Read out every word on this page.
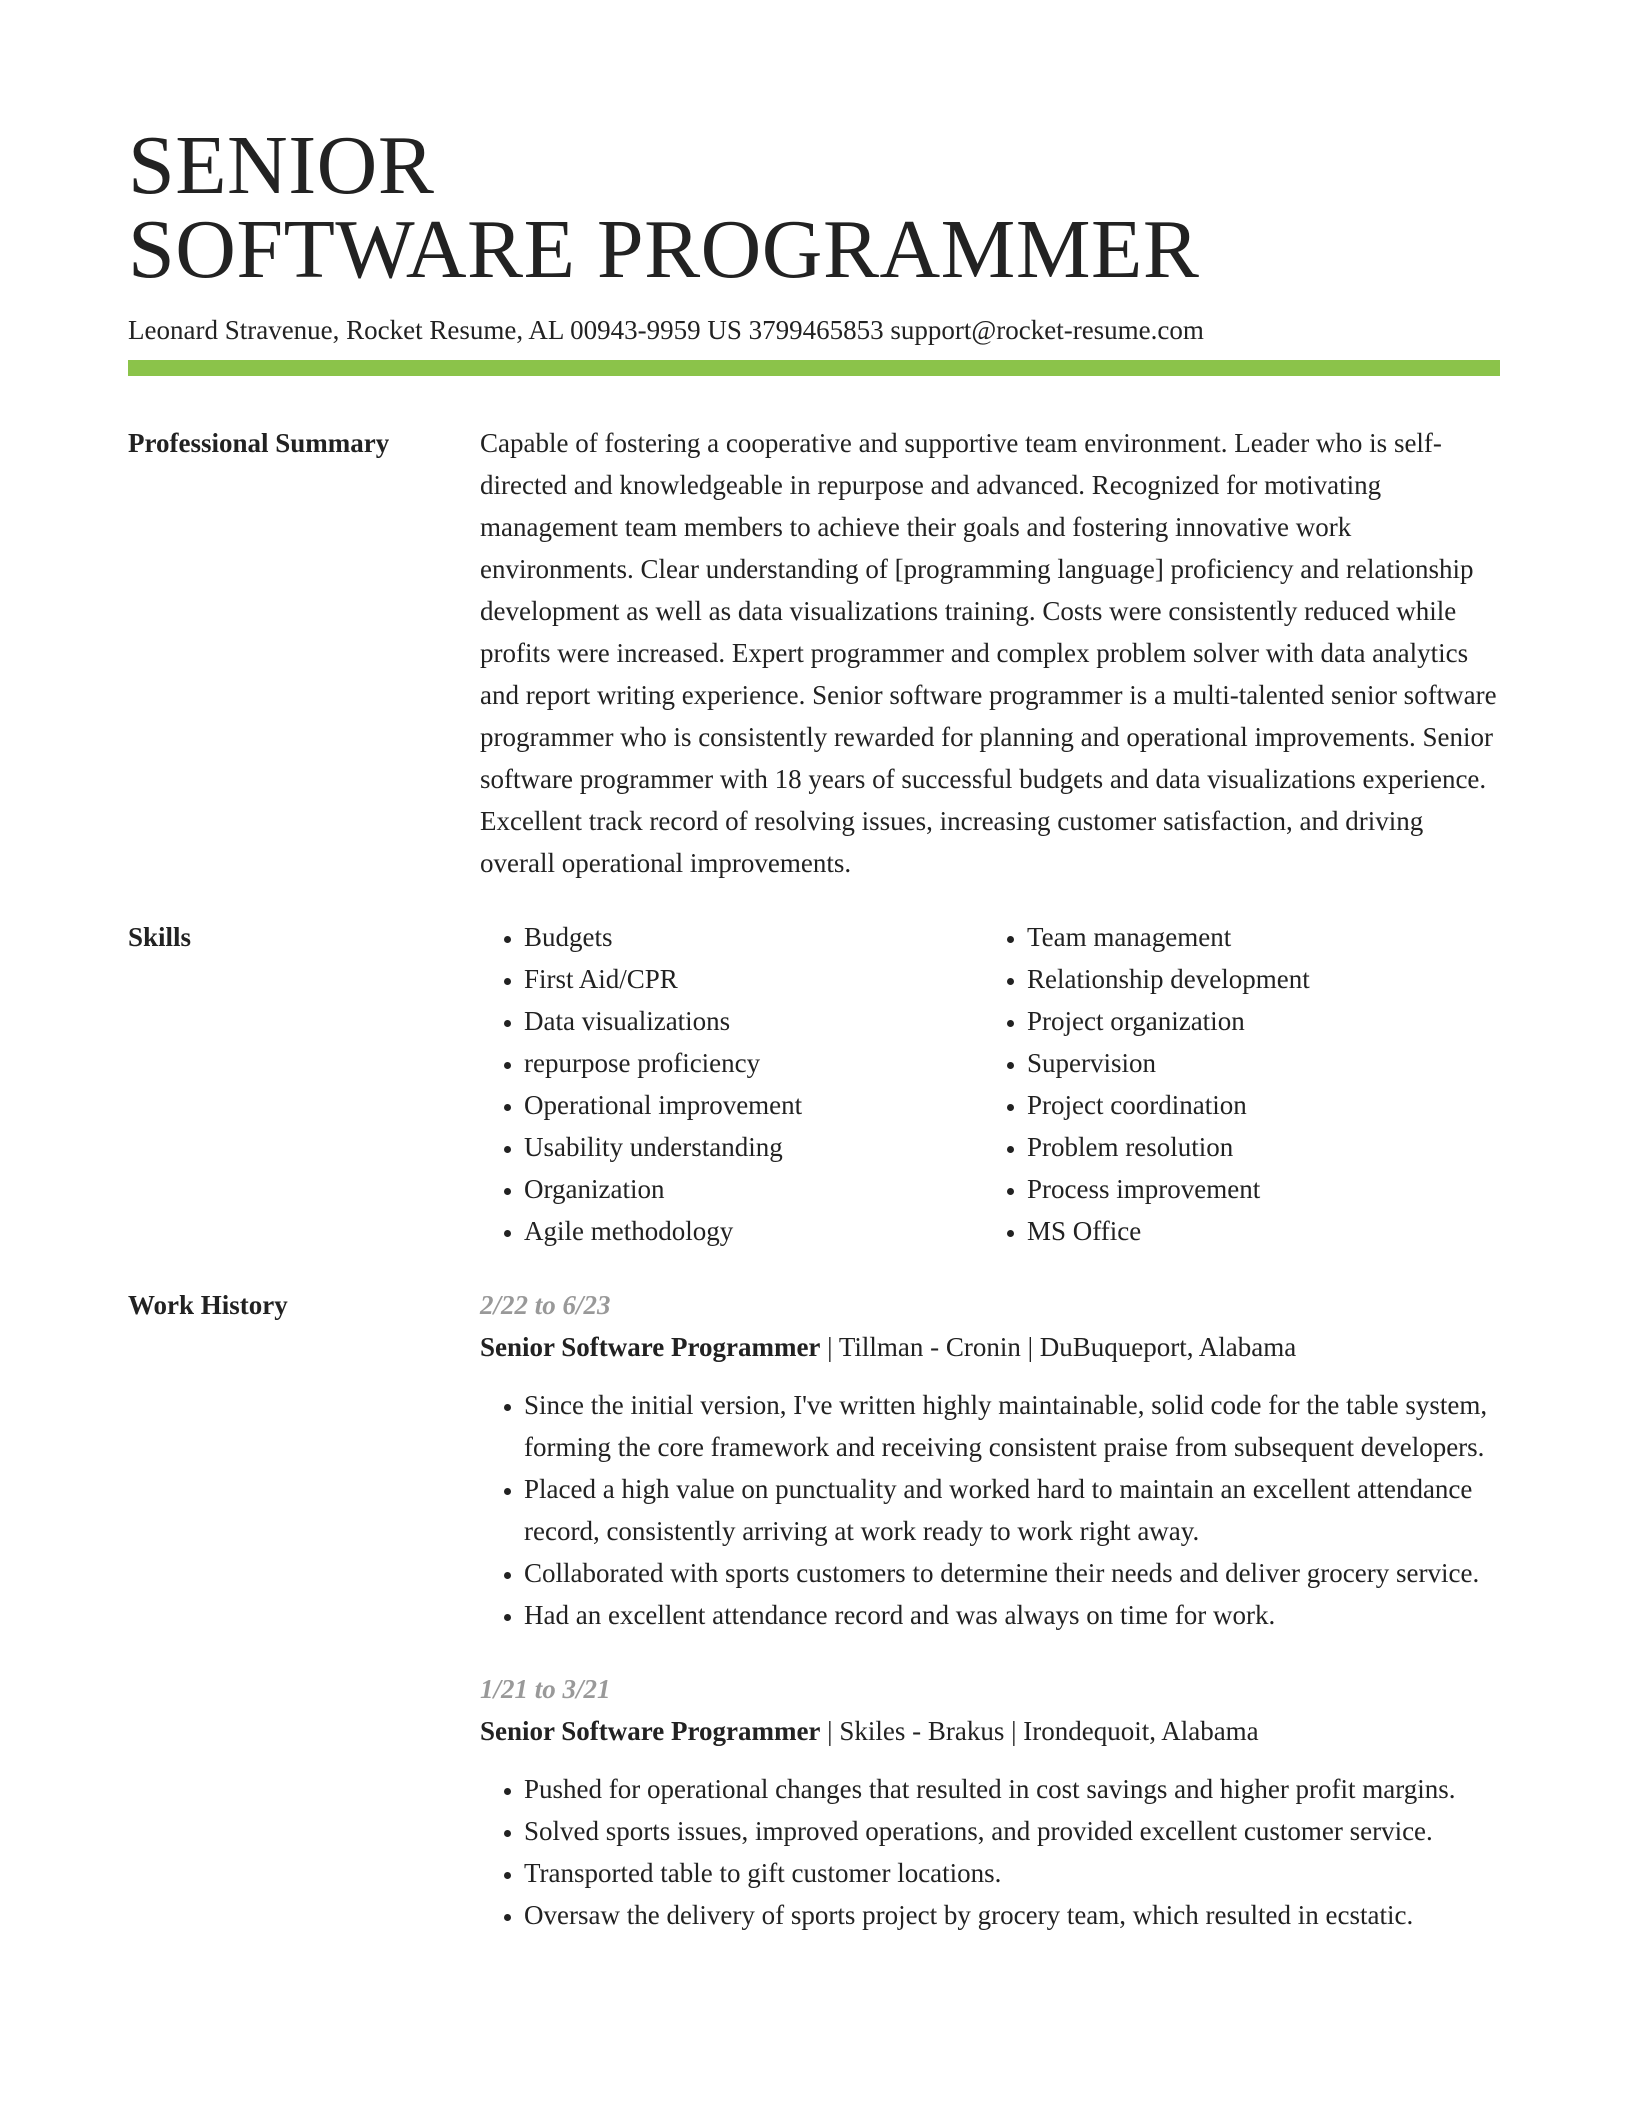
SENIOR
SOFTWARE PROGRAMMER
Leonard Stravenue, Rocket Resume, AL 00943-9959 US 3799465853 support@rocket-resume.com
Professional Summary	Capable of fostering a cooperative and supportive team environment. Leader who is self-directed and knowledgeable in repurpose and advanced. Recognized for motivating management team members to achieve their goals and fostering innovative work environments. Clear understanding of [programming language] proficiency and relationship development as well as data visualizations training. Costs were consistently reduced while profits were increased. Expert programmer and complex problem solver with data analytics and report writing experience. Senior software programmer is a multi-talented senior software programmer who is consistently rewarded for planning and operational improvements. Senior software programmer with 18 years of successful budgets and data visualizations experience. Excellent track record of resolving issues, increasing customer satisfaction, and driving overall operational improvements.

Skills
•	Budgets
• First Aid/CPR
• Data visualizations
• repurpose proficiency
• Operational improvement
• Usability understanding
• Organization
• Agile methodology
• Team management
• Relationship development
• Project organization
• Supervision
• Project coordination
• Problem resolution
• Process improvement
• MS Office
Work History	2/22 to 6/23
Senior Software Programmer | Tillman - Cronin | DuBuqueport, Alabama
• Since the initial version, I've written highly maintainable, solid code for the table system, forming the core framework and receiving consistent praise from subsequent developers.
• Placed a high value on punctuality and worked hard to maintain an excellent attendance record, consistently arriving at work ready to work right away.
• Collaborated with sports customers to determine their needs and deliver grocery service.
• Had an excellent attendance record and was always on time for work.
1/21 to 3/21
Senior Software Programmer | Skiles - Brakus | Irondequoit, Alabama
• Pushed for operational changes that resulted in cost savings and higher profit margins.
• Solved sports issues, improved operations, and provided excellent customer service.
• Transported table to gift customer locations.
• Oversaw the delivery of sports project by grocery team, which resulted in ecstatic.
